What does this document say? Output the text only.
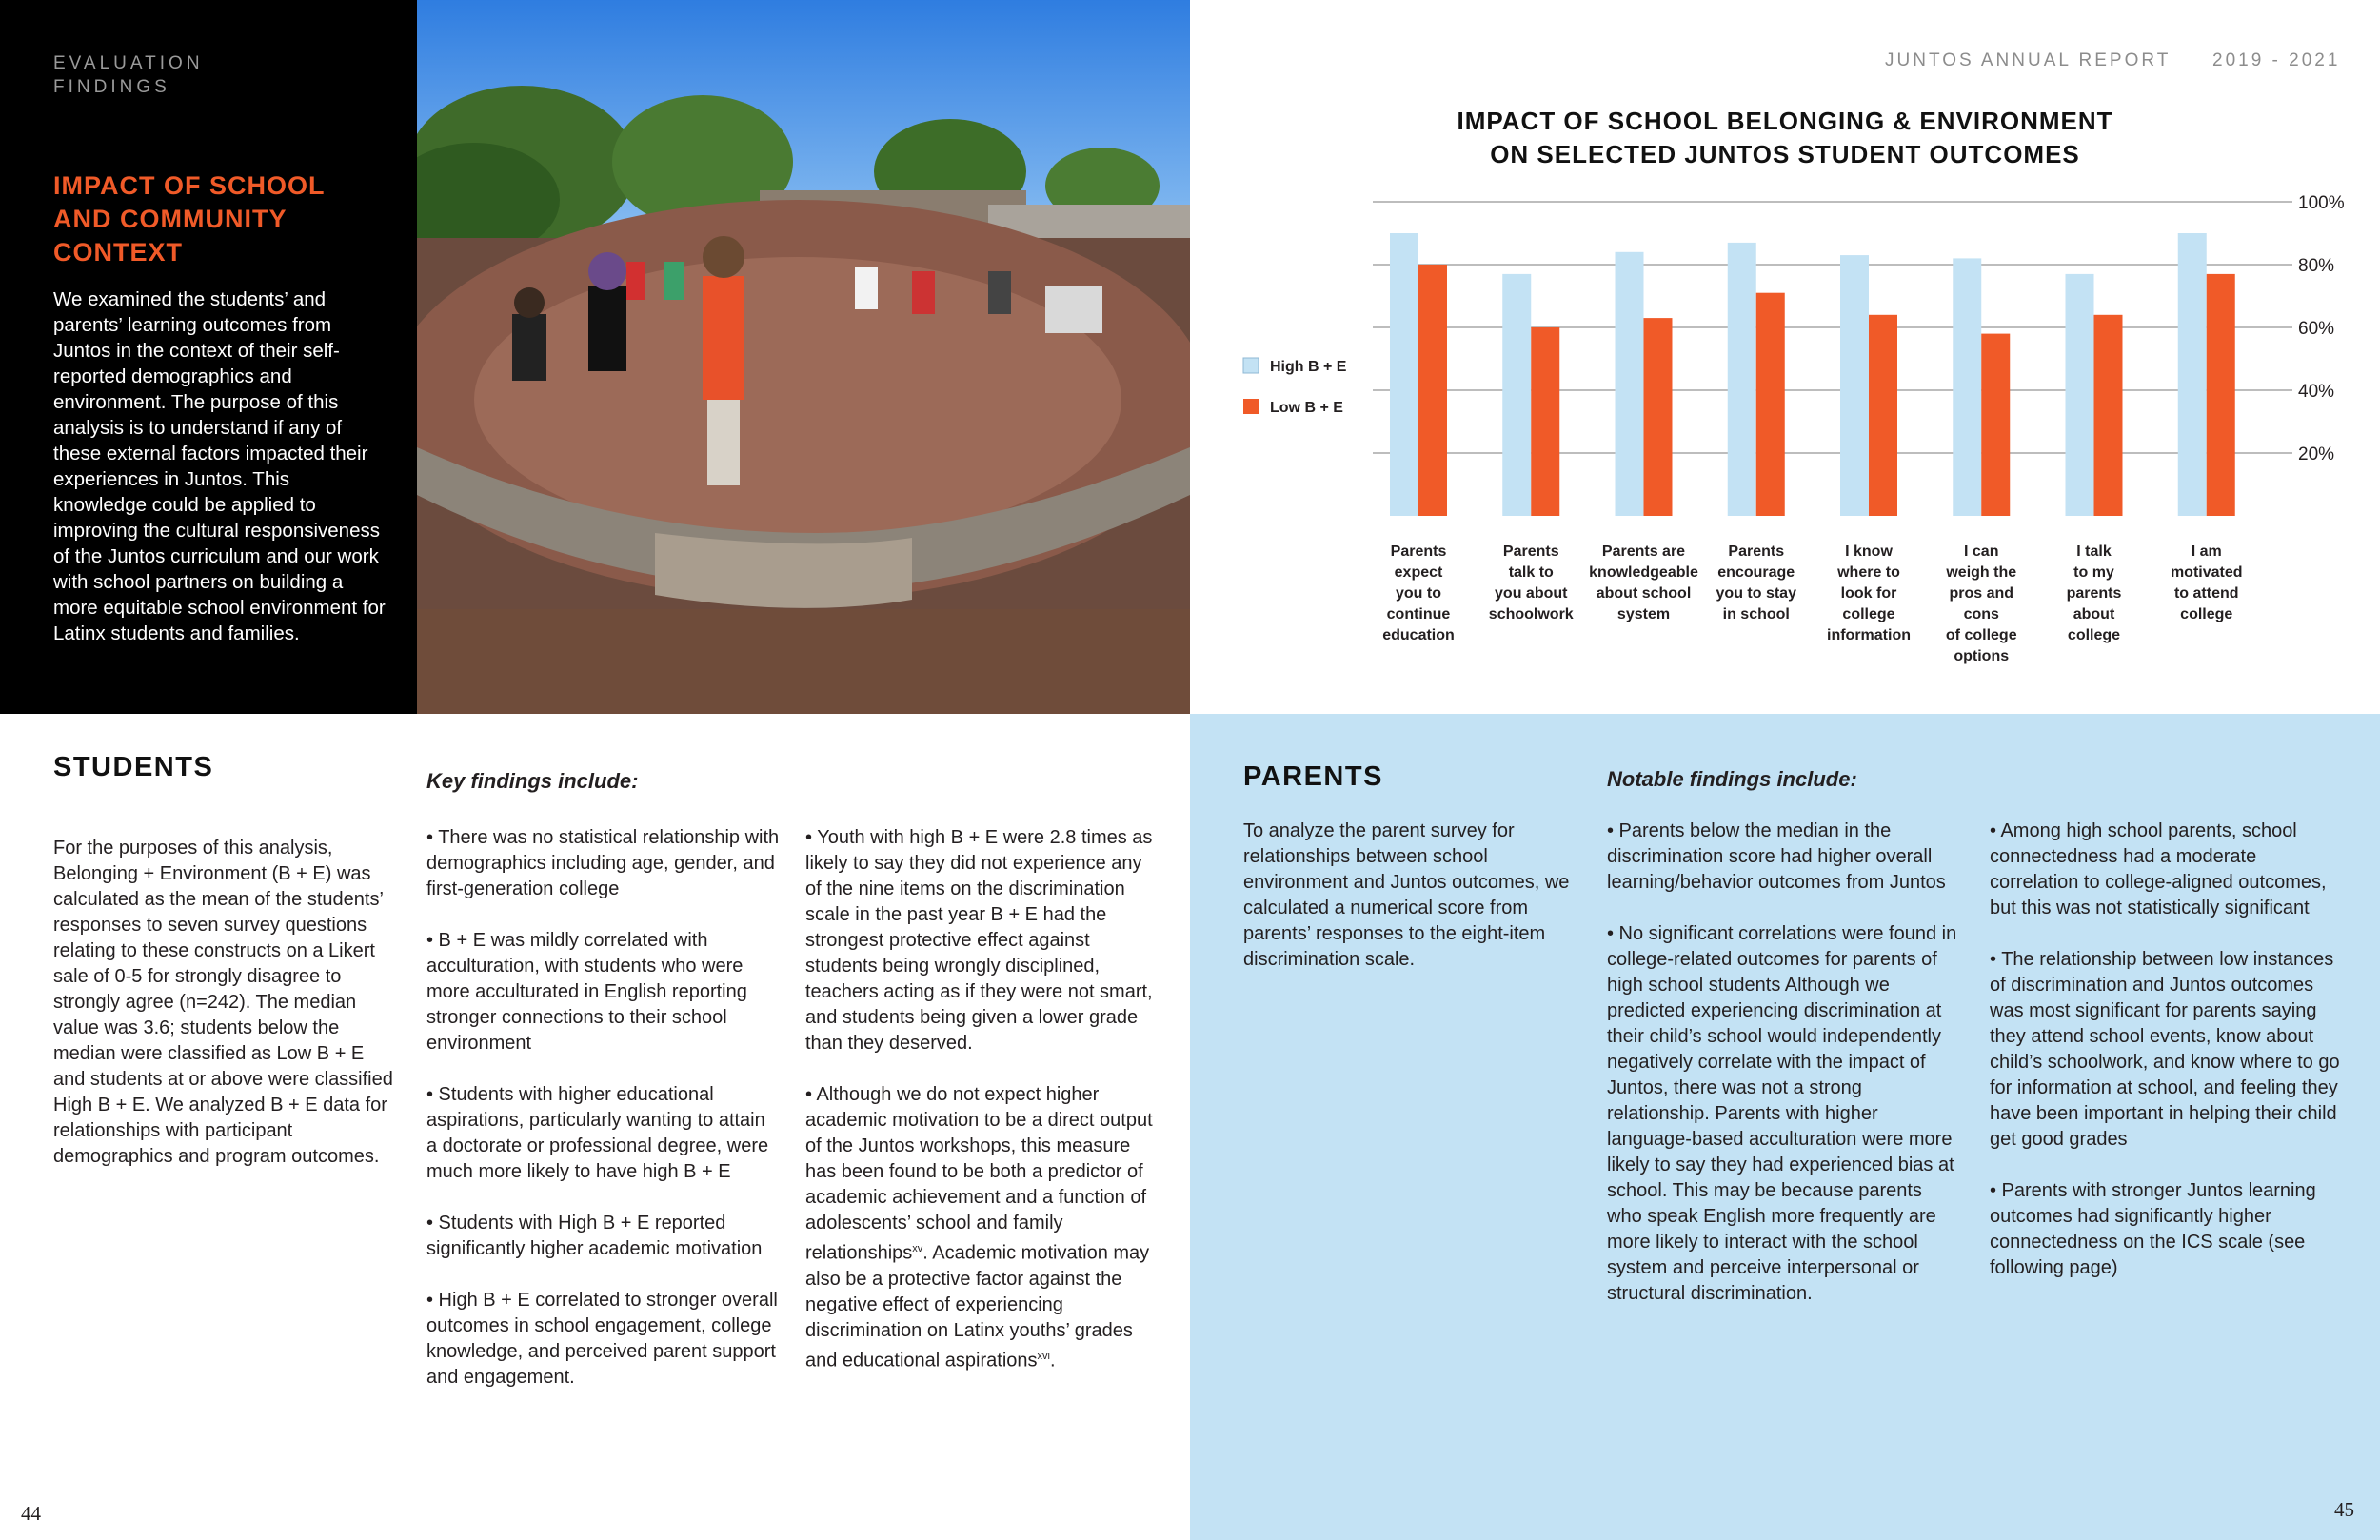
EVALUATION
FINDINGS
IMPACT OF SCHOOL AND COMMUNITY CONTEXT
We examined the students’ and parents’ learning outcomes from Juntos in the context of their self-reported demographics and environment. The purpose of this analysis is to understand if any of these external factors impacted their experiences in Juntos. This knowledge could be applied to improving the cultural responsiveness of the Juntos curriculum and our work with school partners on building a more equitable school environment for Latinx students and families.
JUNTOS ANNUAL REPORT 2019 - 2021
IMPACT OF SCHOOL BELONGING & ENVIRONMENT
ON SELECTED JUNTOS STUDENT OUTCOMES
100%
80%
60%
40%
20%
Parents expect you to continue education
Parents talk to you about schoolwork
Parents are knowledgeable about school system
Parents encourage you to stay in school
I know where to look for college information
I can weigh the pros and cons of college options
I talk to my parents about college
I am motivated to attend college
High B + E
Low B + E
STUDENTS
For the purposes of this analysis, Belonging + Environment (B + E) was calculated as the mean of the students’ responses to seven survey questions relating to these constructs on a Likert sale of 0-5 for strongly disagree to strongly agree (n=242). The median value was 3.6; students below the median were classified as Low B + E and students at or above were classified High B + E. We analyzed B + E data for relationships with participant demographics and program outcomes.
Key findings include:

• There was no statistical relationship with demographics including age, gender, and first-generation college

• B + E was mildly correlated with acculturation, with students who were more acculturated in English reporting stronger connections to their school environment

• Students with higher educational aspirations, particularly wanting to attain a doctorate or professional degree, were much more likely to have high B + E

• Students with High B + E reported significantly higher academic motivation

• High B + E correlated to stronger overall outcomes in school engagement, college knowledge, and perceived parent support and engagement.

• Youth with high B + E were 2.8 times as likely to say they did not experience any of the nine items on the discrimination scale in the past year B + E had the strongest protective effect against students being wrongly disciplined, teachers acting as if they were not smart, and students being given a lower grade than they deserved.

• Although we do not expect higher academic motivation to be a direct output of the Juntos workshops, this measure has been found to be both a predictor of academic achievement and a function of adolescents’ school and family relationships$^{xv}$. Academic motivation may also be a protective factor against the negative effect of experiencing discrimination on Latinx youths’ grades and educational aspirations$^{xvi}$.

44
PARENTS
To analyze the parent survey for relationships between school environment and Juntos outcomes, we calculated a numerical score from parents’ responses to the eight-item discrimination scale.
Notable findings include:

• Parents below the median in the discrimination score had higher overall learning/behavior outcomes from Juntos

• No significant correlations were found in college-related outcomes for parents of high school students Although we predicted experiencing discrimination at their child’s school would independently negatively correlate with the impact of Juntos, there was not a strong relationship. Parents with higher language-based acculturation were more likely to say they had experienced bias at school. This may be because parents who speak English more frequently are more likely to interact with the school system and perceive interpersonal or structural discrimination.

• Among high school parents, school connectedness had a moderate correlation to college-aligned outcomes, but this was not statistically significant

• The relationship between low instances of discrimination and Juntos outcomes was most significant for parents saying they attend school events, know about child’s schoolwork, and know where to go for information at school, and feeling they have been important in helping their child get good grades

• Parents with stronger Juntos learning outcomes had significantly higher connectedness on the ICS scale (see following page)

45
